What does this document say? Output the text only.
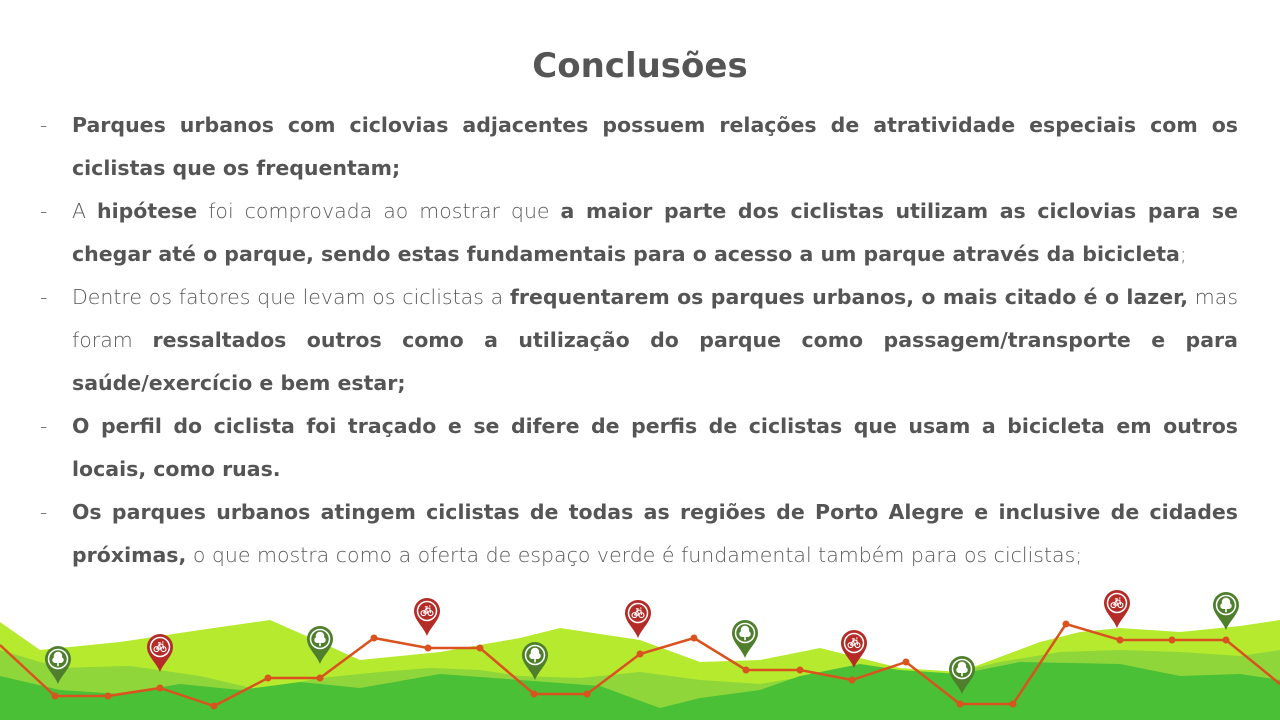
Conclusões
- Parques urbanos com ciclovias adjacentes possuem relações de atratividade especiais com os ciclistas que os frequentam;
- A hipótese foi comprovada ao mostrar que a maior parte dos ciclistas utilizam as ciclovias para se chegar até o parque, sendo estas fundamentais para o acesso a um parque através da bicicleta;
- Dentre os fatores que levam os ciclistas a frequentarem os parques urbanos, o mais citado é o lazer, mas foram ressaltados outros como a utilização do parque como passagem/transporte e para saúde/exercício e bem estar;
- O perfil do ciclista foi traçado e se difere de perfis de ciclistas que usam a bicicleta em outros locais, como ruas.
- Os parques urbanos atingem ciclistas de todas as regiões de Porto Alegre e inclusive de cidades próximas, o que mostra como a oferta de espaço verde é fundamental também para os ciclistas;
